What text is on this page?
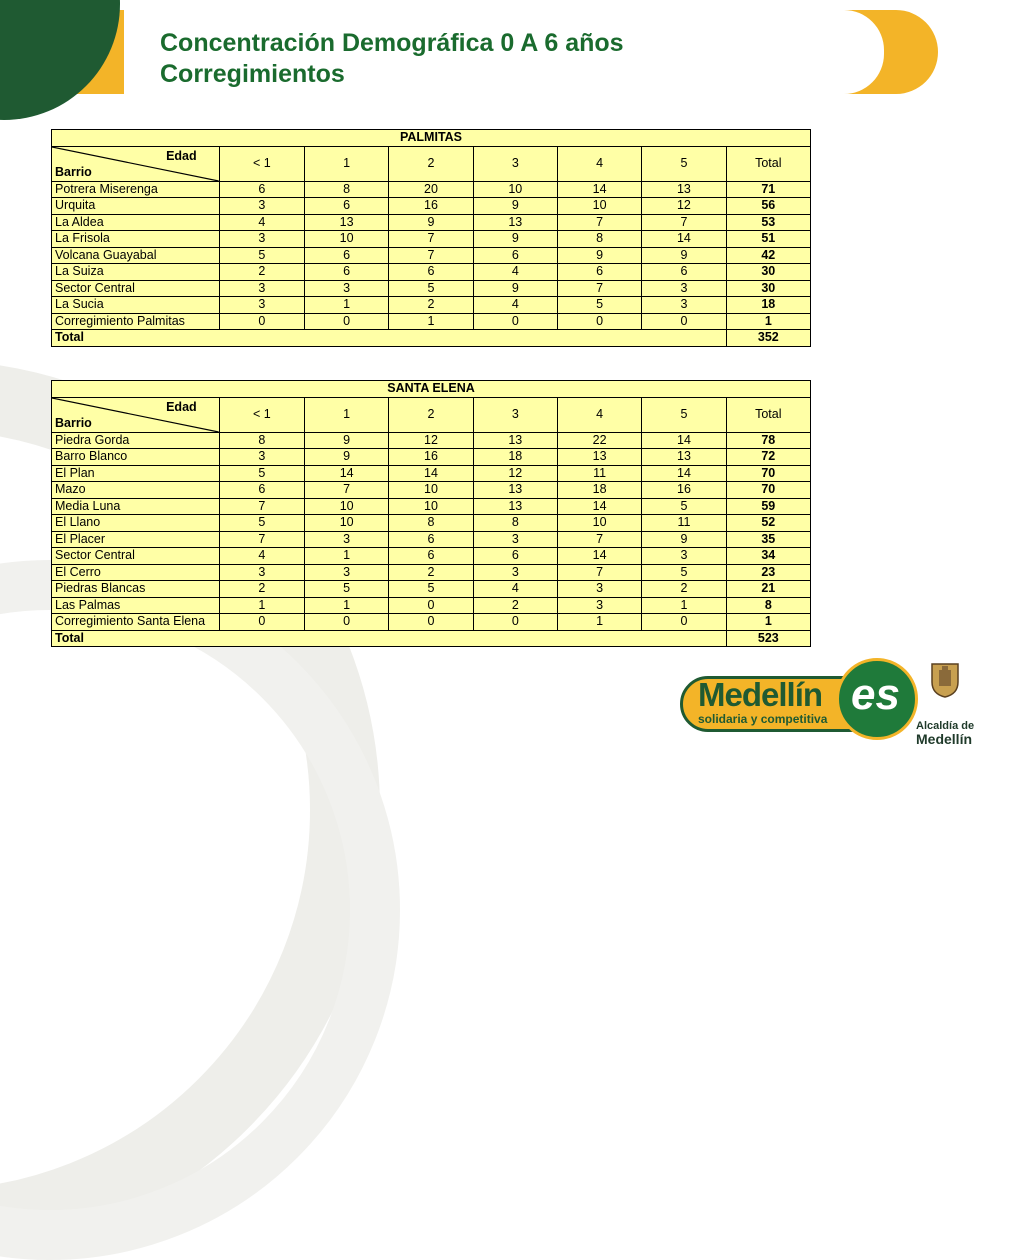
Concentración Demográfica 0 A 6 años
Corregimientos
PALMITAS							

Edad
Barrio	< 1	1	2	3	4	5	Total
Potrera Miserenga	6	8	20	10	14	13	71
Urquita	3	6	16	9	10	12	56
La Aldea	4	13	9	13	7	7	53
La Frisola	3	10	7	9	8	14	51
Volcana Guayabal	5	6	7	6	9	9	42
La Suiza	2	6	6	4	6	6	30
Sector Central	3	3	5	9	7	3	30
La Sucia	3	1	2	4	5	3	18
Corregimiento Palmitas	0	0	1	0	0	0	1
Total							352
SANTA ELENA							

Edad
Barrio	< 1	1	2	3	4	5	Total
Piedra Gorda	8	9	12	13	22	14	78
Barro Blanco	3	9	16	18	13	13	72
El Plan	5	14	14	12	11	14	70
Mazo	6	7	10	13	18	16	70
Media Luna	7	10	10	13	14	5	59
El Llano	5	10	8	8	10	11	52
El Placer	7	3	6	3	7	9	35
Sector Central	4	1	6	6	14	3	34
El Cerro	3	3	2	3	7	5	23
Piedras Blancas	2	5	5	4	3	2	21
Las Palmas	1	1	0	2	3	1	8
Corregimiento Santa Elena	0	0	0	0	1	0	1
Total							523
Medellín
solidaria y competitiva es
Alcaldía de
Medellín
